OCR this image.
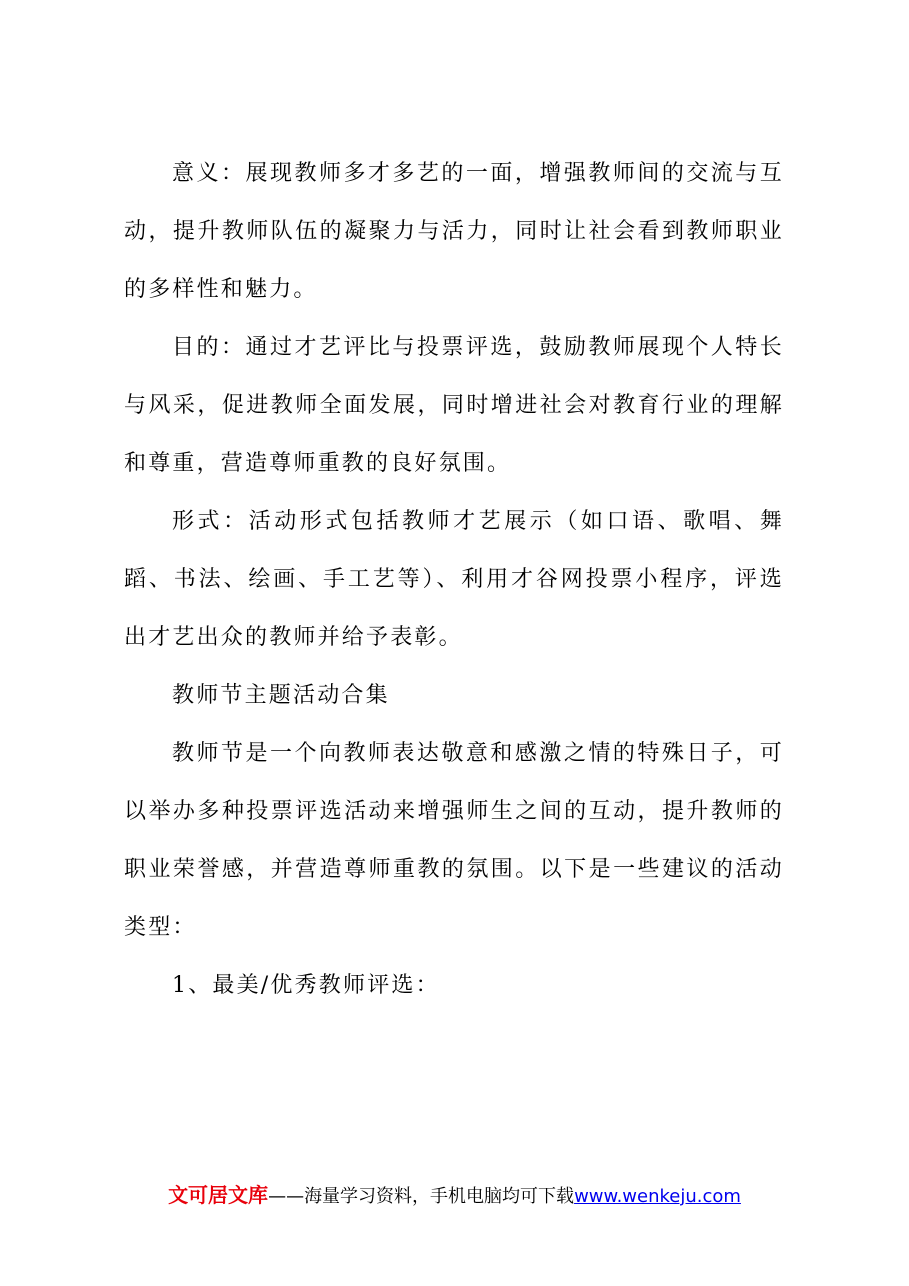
意义：展现教师多才多艺的一面，增强教师间的交流与互动，提升教师队伍的凝聚力与活力，同时让社会看到教师职业的多样性和魅力。

目的：通过才艺评比与投票评选，鼓励教师展现个人特长与风采，促进教师全面发展，同时增进社会对教育行业的理解和尊重，营造尊师重教的良好氛围。

形式：活动形式包括教师才艺展示（如口语、歌唱、舞蹈、书法、绘画、手工艺等）、利用才谷网投票小程序，评选出才艺出众的教师并给予表彰。

教师节主题活动合集

教师节是一个向教师表达敬意和感激之情的特殊日子，可以举办多种投票评选活动来增强师生之间的互动，提升教师的职业荣誉感，并营造尊师重教的氛围。以下是一些建议的活动类型：

1、最美/优秀教师评选：

文可居文库——海量学习资料，手机电脑均可下载www.wenkeju.com
